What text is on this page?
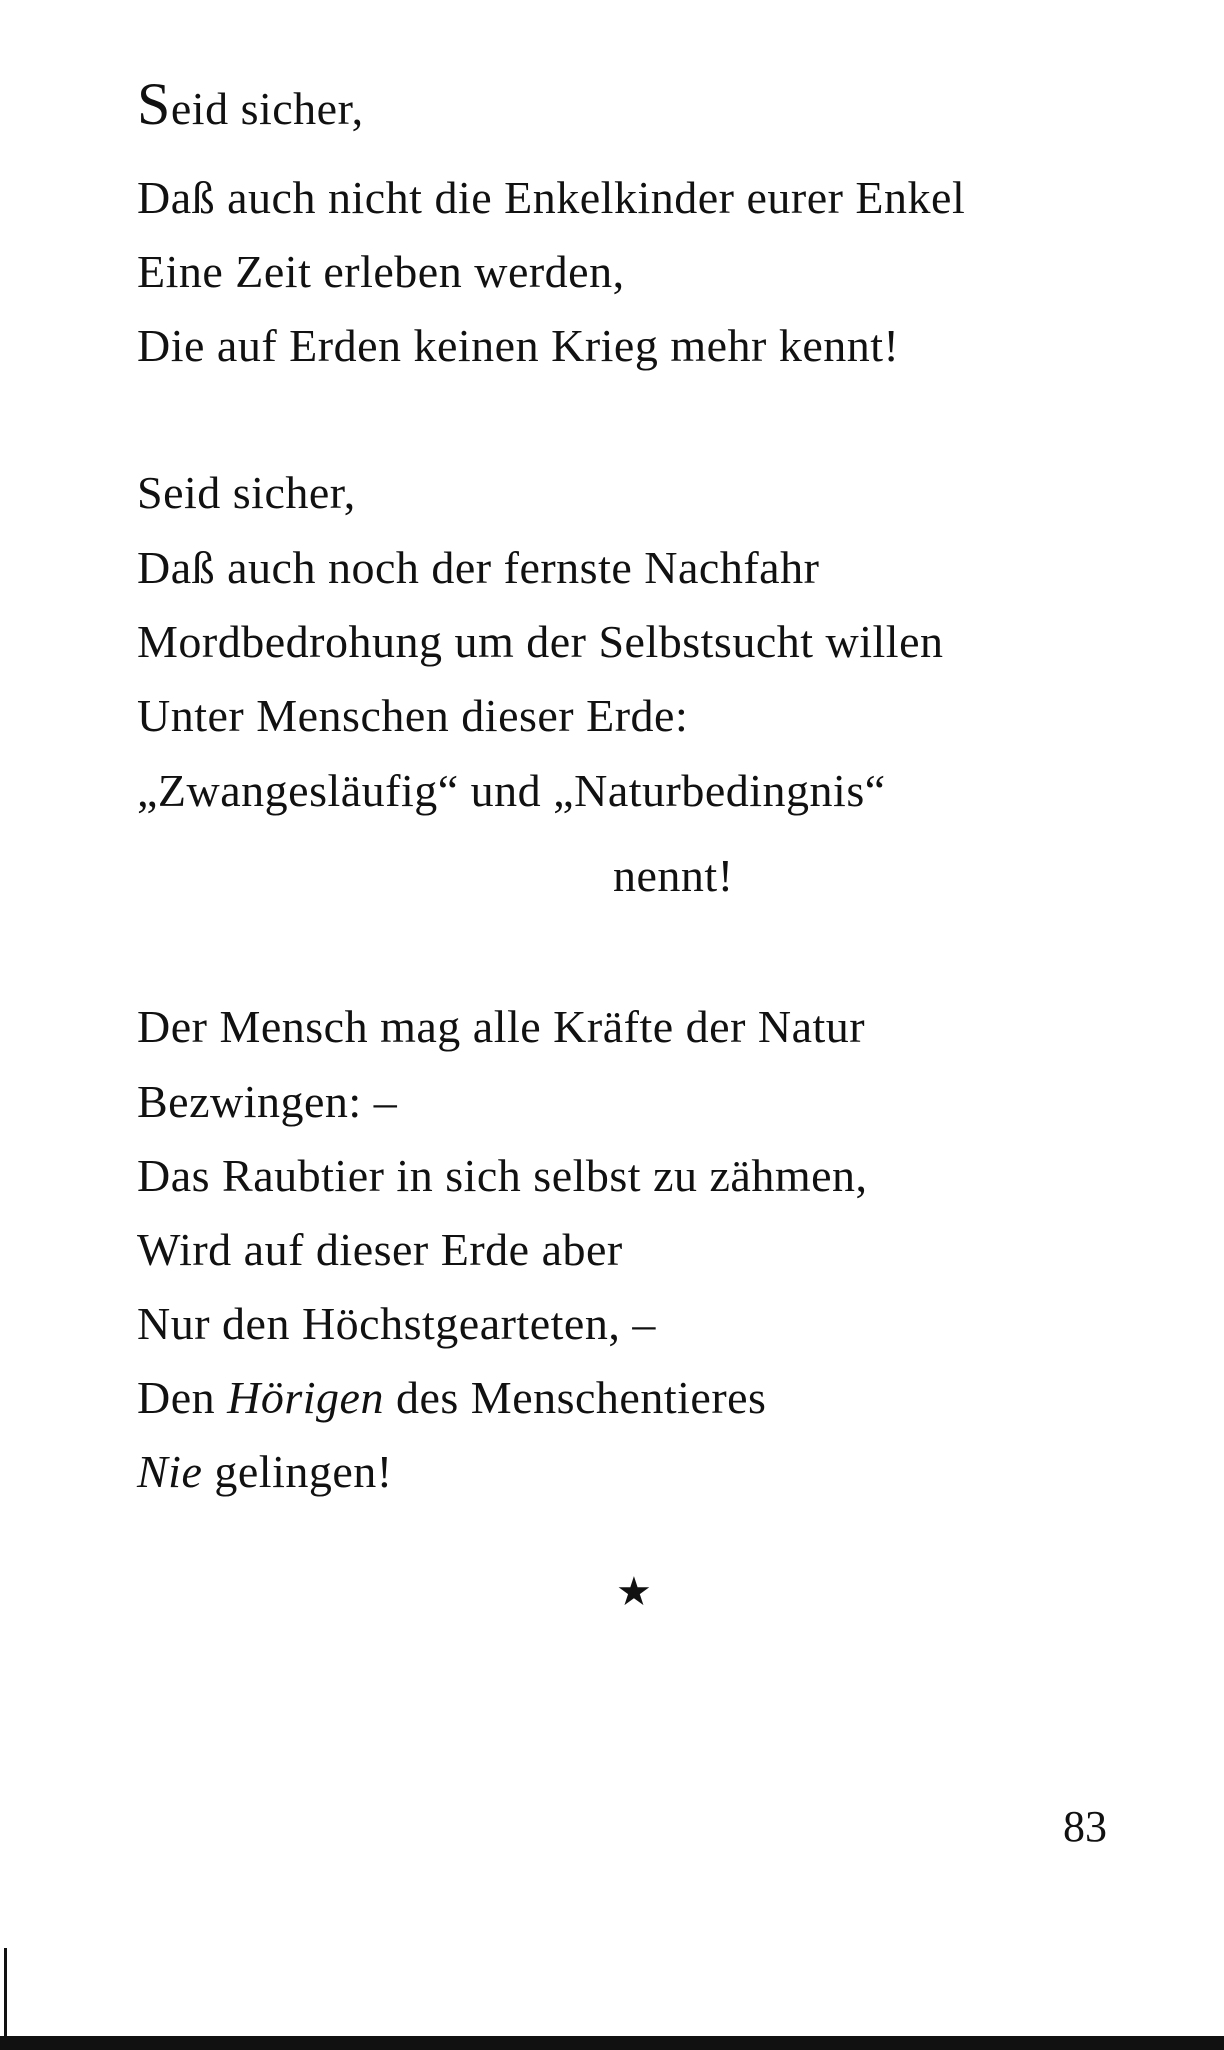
Seid sicher,
Daß auch nicht die Enkelkinder eurer Enkel
Eine Zeit erleben werden,
Die auf Erden keinen Krieg mehr kennt!
Seid sicher,
Daß auch noch der fernste Nachfahr
Mordbedrohung um der Selbstsucht willen
Unter Menschen dieser Erde:
„Zwangesläufig“ und „Naturbedingnis“
nennt!
Der Mensch mag alle Kräfte der Natur
Bezwingen: –
Das Raubtier in sich selbst zu zähmen,
Wird auf dieser Erde aber
Nur den Höchstgearteten, –
Den Hörigen des Menschentieres
Nie gelingen!
★
83
